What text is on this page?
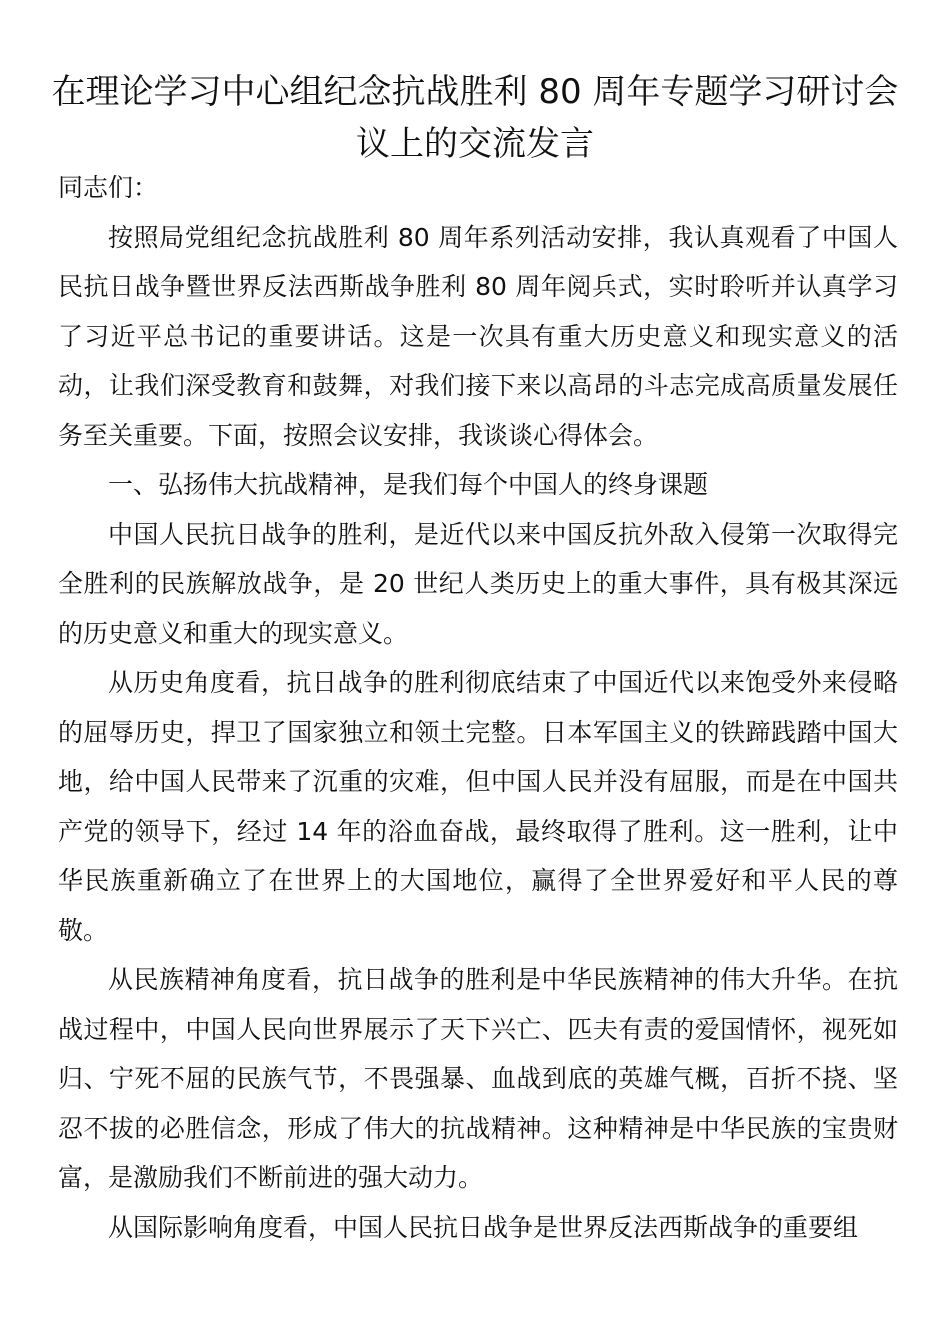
在理论学习中心组纪念抗战胜利 80 周年专题学习研讨会议上的交流发言

同志们：

按照局党组纪念抗战胜利 80 周年系列活动安排，我认真观看了中国人民抗日战争暨世界反法西斯战争胜利 80 周年阅兵式，实时聆听并认真学习了习近平总书记的重要讲话。这是一次具有重大历史意义和现实意义的活动，让我们深受教育和鼓舞，对我们接下来以高昂的斗志完成高质量发展任务至关重要。下面，按照会议安排，我谈谈心得体会。

一、弘扬伟大抗战精神，是我们每个中国人的终身课题

中国人民抗日战争的胜利，是近代以来中国反抗外敌入侵第一次取得完全胜利的民族解放战争，是 20 世纪人类历史上的重大事件，具有极其深远的历史意义和重大的现实意义。

从历史角度看，抗日战争的胜利彻底结束了中国近代以来饱受外来侵略的屈辱历史，捍卫了国家独立和领土完整。日本军国主义的铁蹄践踏中国大地，给中国人民带来了沉重的灾难，但中国人民并没有屈服，而是在中国共产党的领导下，经过 14 年的浴血奋战，最终取得了胜利。这一胜利，让中华民族重新确立了在世界上的大国地位，赢得了全世界爱好和平人民的尊敬。

从民族精神角度看，抗日战争的胜利是中华民族精神的伟大升华。在抗战过程中，中国人民向世界展示了天下兴亡、匹夫有责的爱国情怀，视死如归、宁死不屈的民族气节，不畏强暴、血战到底的英雄气概，百折不挠、坚忍不拔的必胜信念，形成了伟大的抗战精神。这种精神是中华民族的宝贵财富，是激励我们不断前进的强大动力。

从国际影响角度看，中国人民抗日战争是世界反法西斯战争的重要组
